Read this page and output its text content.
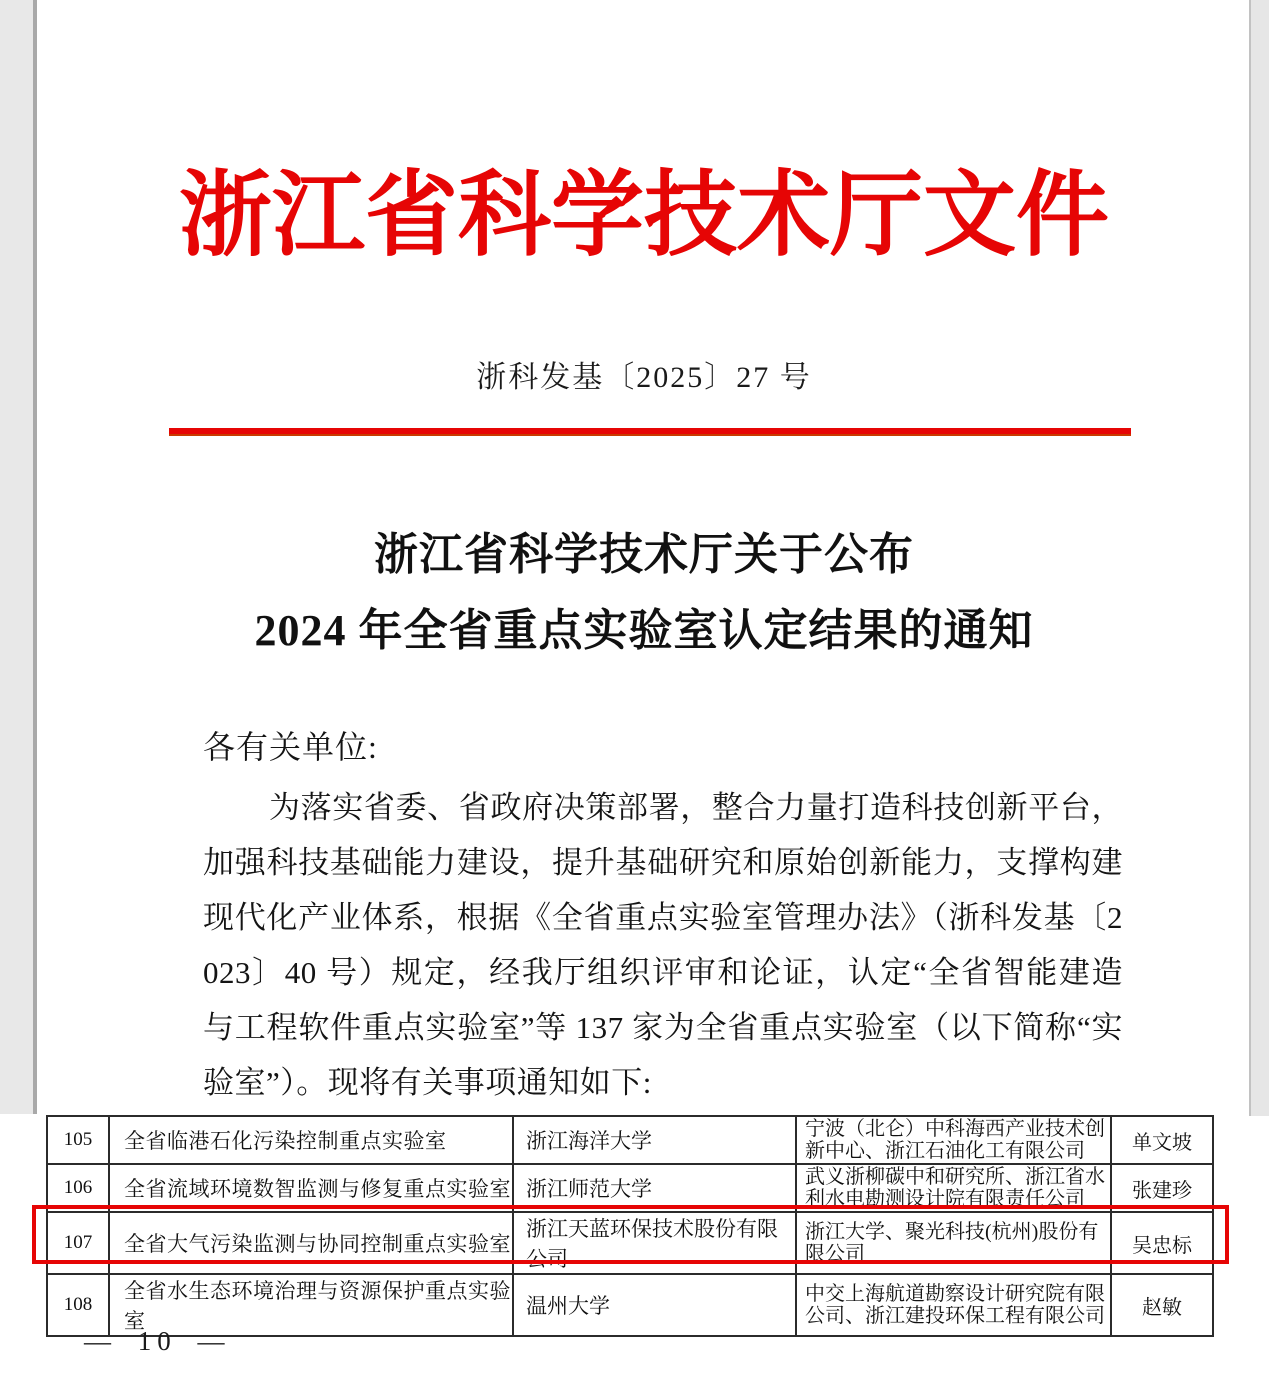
浙江省科学技术厅文件
浙科发基〔2025〕27 号
浙江省科学技术厅关于公布
2024 年全省重点实验室认定结果的通知
各有关单位:

为落实省委、省政府决策部署，整合力量打造科技创新平台，加强科技基础能力建设，提升基础研究和原始创新能力，支撑构建现代化产业体系，根据《全省重点实验室管理办法》（浙科发基〔2023〕40 号）规定，经我厅组织评审和论证，认定“全省智能建造与工程软件重点实验室”等 137 家为全省重点实验室（以下简称“实验室”）。现将有关事项通知如下:

105	全省临港石化污染控制重点实验室	浙江海洋大学	宁波（北仑）中科海西产业技术创新中心、浙江石油化工有限公司	单文坡
106	全省流域环境数智监测与修复重点实验室	浙江师范大学	武义浙柳碳中和研究所、浙江省水利水电勘测设计院有限责任公司	张建珍
107	全省大气污染监测与协同控制重点实验室	浙江天蓝环保技术股份有限公司	浙江大学、聚光科技(杭州)股份有限公司	吴忠标
108	全省水生态环境治理与资源保护重点实验室	温州大学	中交上海航道勘察设计研究院有限公司、浙江建投环保工程有限公司	赵敏
— 10 —
